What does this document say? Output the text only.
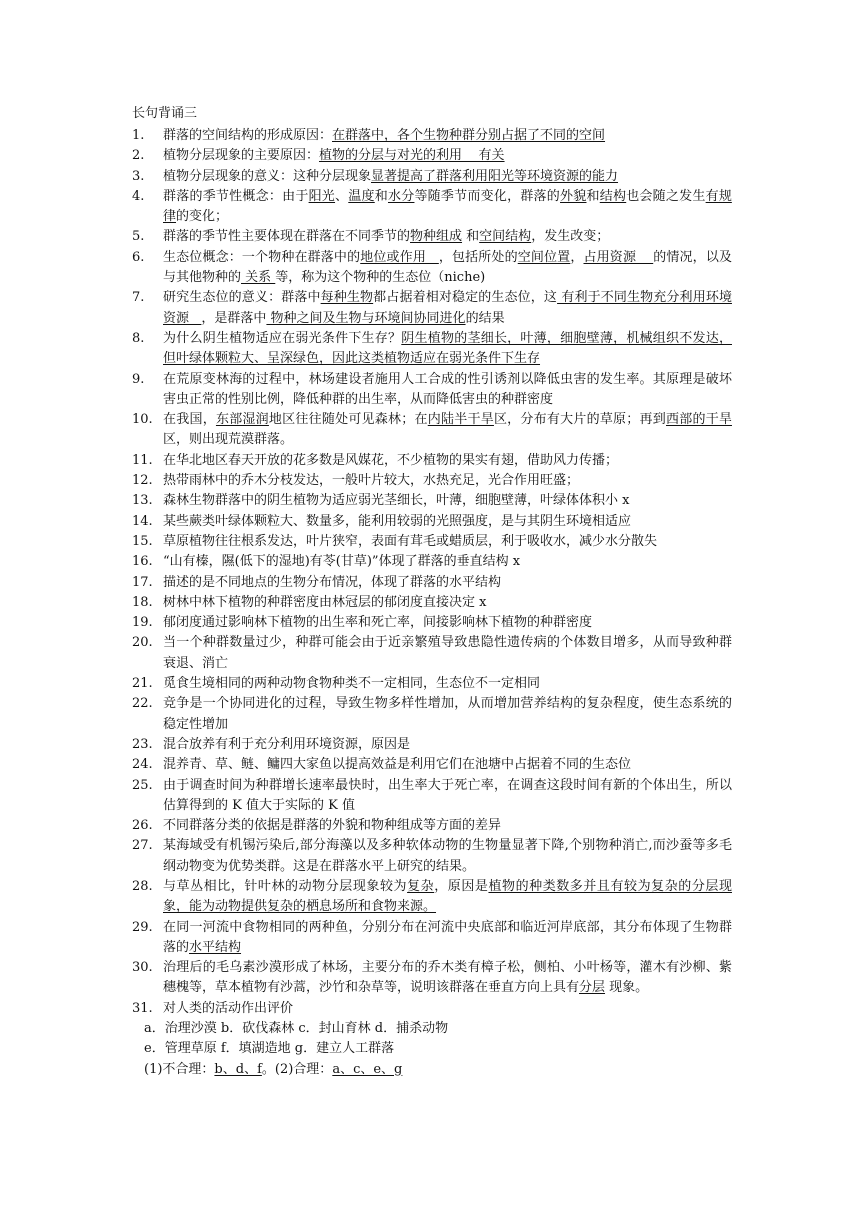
长句背诵三
1.	群落的空间结构的形成原因：在群落中，各个生物种群分别占据了不同的空间
2.	植物分层现象的主要原因：植物的分层与对光的利用    有关
3.	植物分层现象的意义：这种分层现象显著提高了群落利用阳光等环境资源的能力
4.	群落的季节性概念：由于阳光、温度和水分等随季节而变化，群落的外貌和结构也会随之发生有规律的变化；
5.	群落的季节性主要体现在群落在不同季节的物种组成 和空间结构，发生改变；
6.	生态位概念：一个物种在群落中的地位或作用   ，包括所处的空间位置，占用资源    的情况，以及与其他物种的 关系 等，称为这个物种的生态位（niche)
7.	研究生态位的意义：群落中每种生物都占据着相对稳定的生态位，这 有利于不同生物充分利用环境资源   ，是群落中 物种之间及生物与环境间协同进化的结果
8.	为什么阴生植物适应在弱光条件下生存？阴生植物的茎细长，叶薄，细胞壁薄，机械组织不发达，但叶绿体颗粒大、呈深绿色，因此这类植物适应在弱光条件下生存
9.	在荒原变林海的过程中，林场建设者施用人工合成的性引诱剂以降低虫害的发生率。其原理是破坏害虫正常的性别比例，降低种群的出生率，从而降低害虫的种群密度
10. 在我国，东部湿润地区往往随处可见森林；在内陆半干旱区，分布有大片的草原；再到西部的干旱区，则出现荒漠群落。
11. 在华北地区春天开放的花多数是风媒花，不少植物的果实有翅，借助风力传播；
12. 热带雨林中的乔木分枝发达，一般叶片较大，水热充足，光合作用旺盛；
13. 森林生物群落中的阴生植物为适应弱光茎细长，叶薄，细胞壁薄，叶绿体体积小 x
14. 某些蕨类叶绿体颗粒大、数量多，能利用较弱的光照强度，是与其阴生环境相适应
15. 草原植物往往根系发达，叶片狭窄，表面有茸毛或蜡质层，利于吸收水，减少水分散失
16. “山有榛，隰(低下的湿地)有苓(甘草)”体现了群落的垂直结构 x
17. 描述的是不同地点的生物分布情况，体现了群落的水平结构
18. 树林中林下植物的种群密度由林冠层的郁闭度直接决定 x
19. 郁闭度通过影响林下植物的出生率和死亡率，间接影响林下植物的种群密度
20. 当一个种群数量过少，种群可能会由于近亲繁殖导致患隐性遗传病的个体数目增多，从而导致种群衰退、消亡
21. 觅食生境相同的两种动物食物种类不一定相同，生态位不一定相同
22. 竞争是一个协同进化的过程，导致生物多样性增加，从而增加营养结构的复杂程度，使生态系统的稳定性增加
23. 混合放养有利于充分利用环境资源，原因是
24. 混养青、草、鲢、鳙四大家鱼以提高效益是利用它们在池塘中占据着不同的生态位
25. 由于调查时间为种群增长速率最快时，出生率大于死亡率，在调查这段时间有新的个体出生，所以估算得到的 K 值大于实际的 K 值
26. 不同群落分类的依据是群落的外貌和物种组成等方面的差异
27. 某海域受有机锡污染后,部分海藻以及多种软体动物的生物量显著下降,个别物种消亡,而沙蚕等多毛纲动物变为优势类群。这是在群落水平上研究的结果。
28. 与草丛相比，针叶林的动物分层现象较为复杂，原因是植物的种类数多并且有较为复杂的分层现象，能为动物提供复杂的栖息场所和食物来源。
29. 在同一河流中食物相同的两种鱼，分别分布在河流中央底部和临近河岸底部，其分布体现了生物群落的水平结构
30. 治理后的毛乌素沙漠形成了林场，主要分布的乔木类有樟子松，侧柏、小叶杨等，灌木有沙柳、紫穗槐等，草本植物有沙蒿，沙竹和杂草等，说明该群落在垂直方向上具有分层 现象。
31. 对人类的活动作出评价
a．治理沙漠 b．砍伐森林 c．封山育林 d．捕杀动物
e．管理草原 f．填湖造地 g．建立人工群落
(1)不合理：b、d、f。(2)合理：a、c、e、g
